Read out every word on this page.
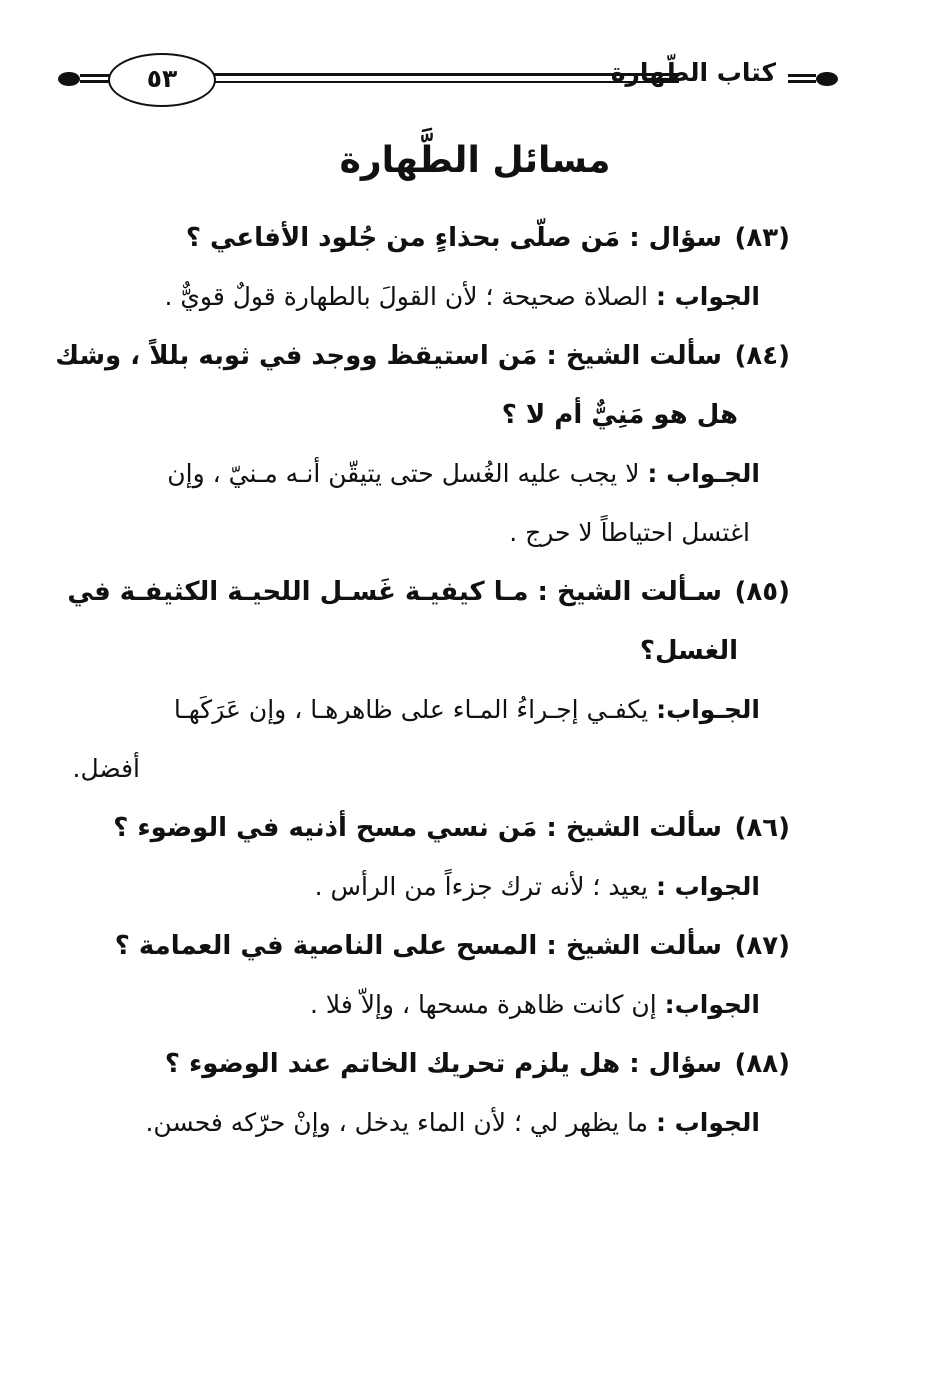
كتاب الطّهارة
٥٣
مسائل الطَّهارة
(٨٣)
سؤال : مَن صلّى بحذاءٍ من جُلود الأفاعي ؟
الجواب : الصلاة صحيحة ؛ لأن القولَ بالطهارة قولٌ قويٌّ .
(٨٤)
سألت الشيخ : مَن استيقظ ووجد في ثوبه بللاً ، وشك
هل هو مَنِيٌّ أم لا ؟
الجـواب : لا يجب عليه الغُسل حتى يتيقّن أنـه مـنيّ ، وإن
اغتسل احتياطاً لا حرج .
(٨٥)
سـألت الشيخ : مـا كيفيـة غَسـل اللحيـة الكثيفـة في
الغسل؟
الجـواب: يكفـي إجـراءُ المـاء على ظاهرهـا ، وإن عَرَكَهـا
أفضل.
(٨٦)
سألت الشيخ : مَن نسي مسح أذنيه في الوضوء ؟
الجواب : يعيد ؛ لأنه ترك جزءاً من الرأس .
(٨٧)
سألت الشيخ : المسح على الناصية في العمامة ؟
الجواب: إن كانت ظاهرة مسحها ، وإلاّ فلا .
(٨٨)
سؤال : هل يلزم تحريك الخاتم عند الوضوء ؟
الجواب : ما يظهر لي ؛ لأن الماء يدخل ، وإنْ حرّكه فحسن.
